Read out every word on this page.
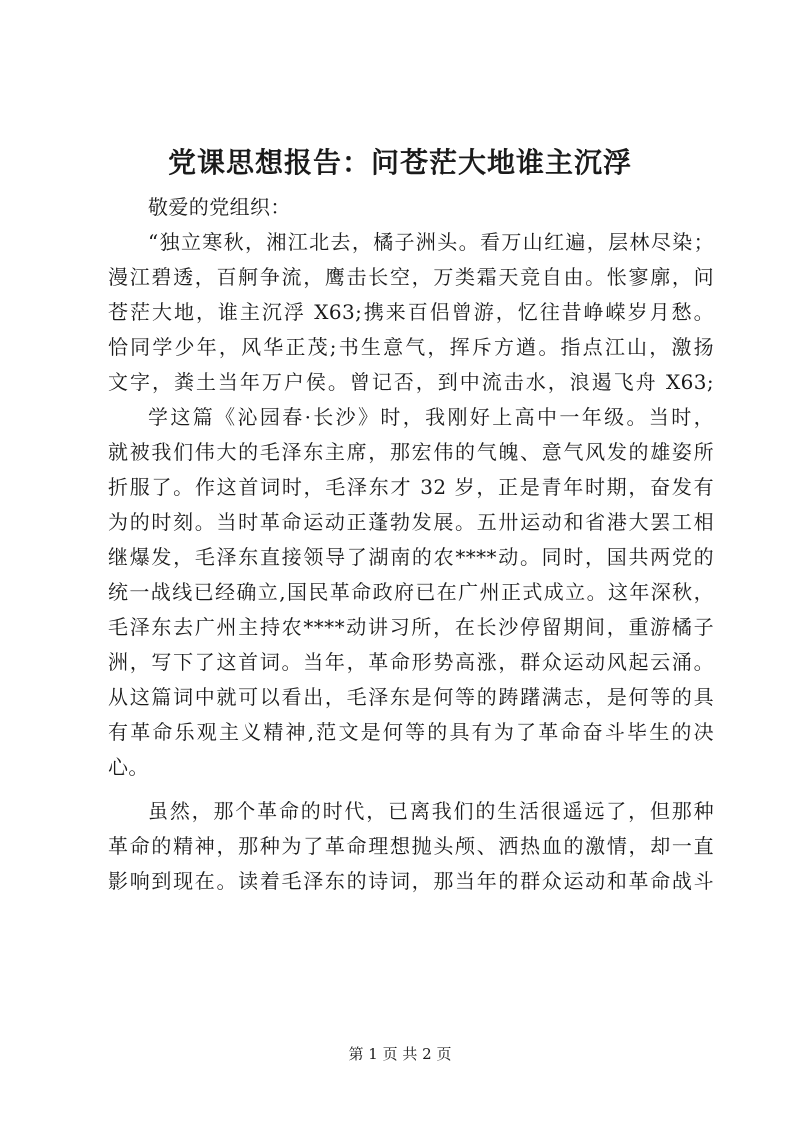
党课思想报告：问苍茫大地谁主沉浮
敬爱的党组织：
“独立寒秋，湘江北去，橘子洲头。看万山红遍，层林尽染；
漫江碧透，百舸争流，鹰击长空，万类霜天竞自由。怅寥廓，问
苍茫大地，谁主沉浮 X63;携来百侣曾游，忆往昔峥嵘岁月愁。
恰同学少年，风华正茂;书生意气，挥斥方遒。指点江山，激扬
文字，粪土当年万户侯。曾记否，到中流击水，浪遏飞舟 X63;
学这篇《沁园春·长沙》时，我刚好上高中一年级。当时，
就被我们伟大的毛泽东主席，那宏伟的气魄、意气风发的雄姿所
折服了。作这首词时，毛泽东才 32 岁，正是青年时期，奋发有
为的时刻。当时革命运动正蓬勃发展。五卅运动和省港大罢工相
继爆发，毛泽东直接领导了湖南的农****动。同时，国共两党的
统一战线已经确立,国民革命政府已在广州正式成立。这年深秋，
毛泽东去广州主持农****动讲习所，在长沙停留期间，重游橘子
洲，写下了这首词。当年，革命形势高涨，群众运动风起云涌。
从这篇词中就可以看出，毛泽东是何等的踌躇满志，是何等的具
有革命乐观主义精神,范文是何等的具有为了革命奋斗毕生的决
心。
虽然，那个革命的时代，已离我们的生活很遥远了，但那种
革命的精神，那种为了革命理想抛头颅、洒热血的激情，却一直
影响到现在。读着毛泽东的诗词，那当年的群众运动和革命战斗
第 1 页 共 2 页
